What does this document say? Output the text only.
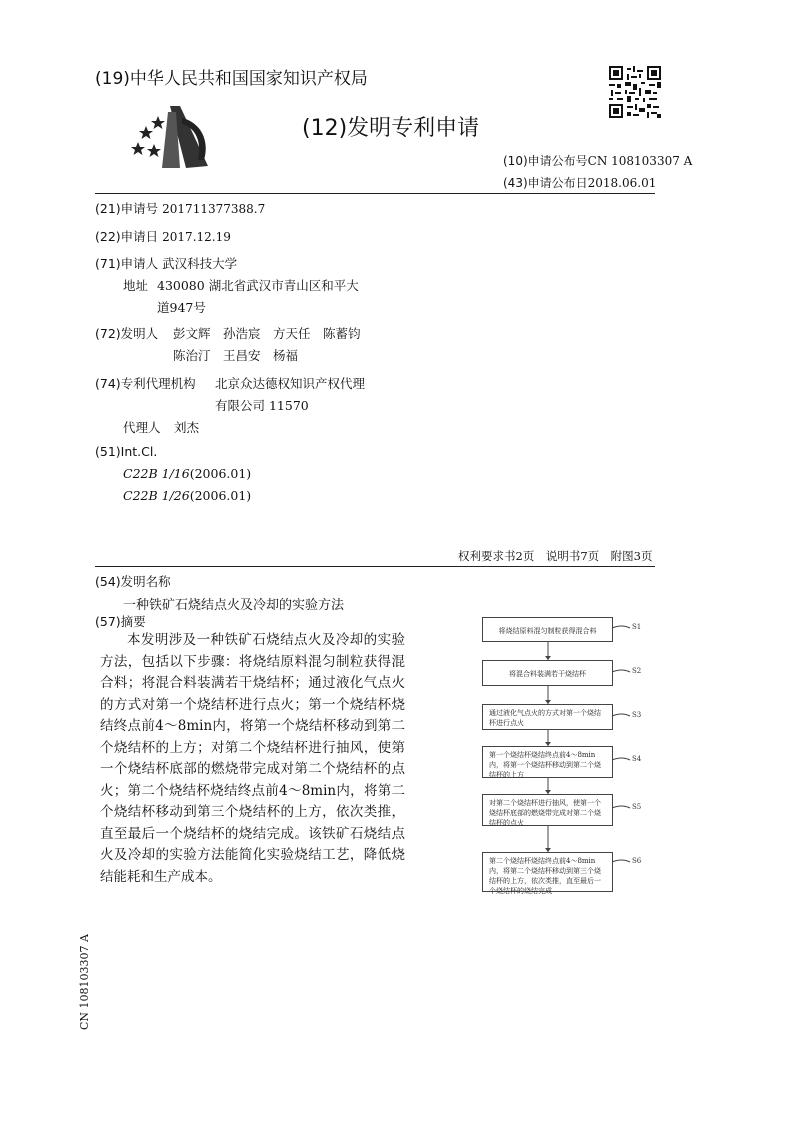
(19)中华人民共和国国家知识产权局
(12)发明专利申请
(10)申请公布号CN 108103307 A
(43)申请公布日2018.06.01
(21)申请号 201711377388.7
(22)申请日 2017.12.19
(71)申请人 武汉科技大学
地址 430080 湖北省武汉市青山区和平大
道947号
(72)发明人 彭文辉　孙浩宸　方天任　陈蓄钧
陈治汀　王昌安　杨福
(74)专利代理机构 北京众达德权知识产权代理
有限公司 11570
代理人 刘杰
(51)Int.Cl.
C22B 1/16(2006.01)
C22B 1/26(2006.01)
权利要求书2页　说明书7页　附图3页
(54)发明名称
一种铁矿石烧结点火及冷却的实验方法
(57)摘要
本发明涉及一种铁矿石烧结点火及冷却的实验方法，包括以下步骤：将烧结原料混匀制粒获得混合料；将混合料装满若干烧结杯；通过液化气点火的方式对第一个烧结杯进行点火；第一个烧结杯烧结终点前4～8min内，将第一个烧结杯移动到第二个烧结杯的上方；对第二个烧结杯进行抽风，使第一个烧结杯底部的燃烧带完成对第二个烧结杯的点火；第二个烧结杯烧结终点前4～8min内，将第二个烧结杯移动到第三个烧结杯的上方，依次类推，直至最后一个烧结杯的烧结完成。该铁矿石烧结点火及冷却的实验方法能简化实验烧结工艺，降低烧结能耗和生产成本。
将烧结原料混匀制粒获得混合料
将混合料装满若干烧结杯
通过液化气点火的方式对第一个烧结杯进行点火
第一个烧结杯烧结终点前4～8min内，将第一个烧结杯移动到第二个烧结杯的上方
对第二个烧结杯进行抽风，使第一个烧结杯底部的燃烧带完成对第二个烧结杯的点火
第二个烧结杯烧结终点前4～8min内，将第二个烧结杯移动到第三个烧结杯的上方，依次类推，直至最后一个烧结杯的烧结完成
S1
S2
S3
S4
S5
S6
CN 108103307 A
